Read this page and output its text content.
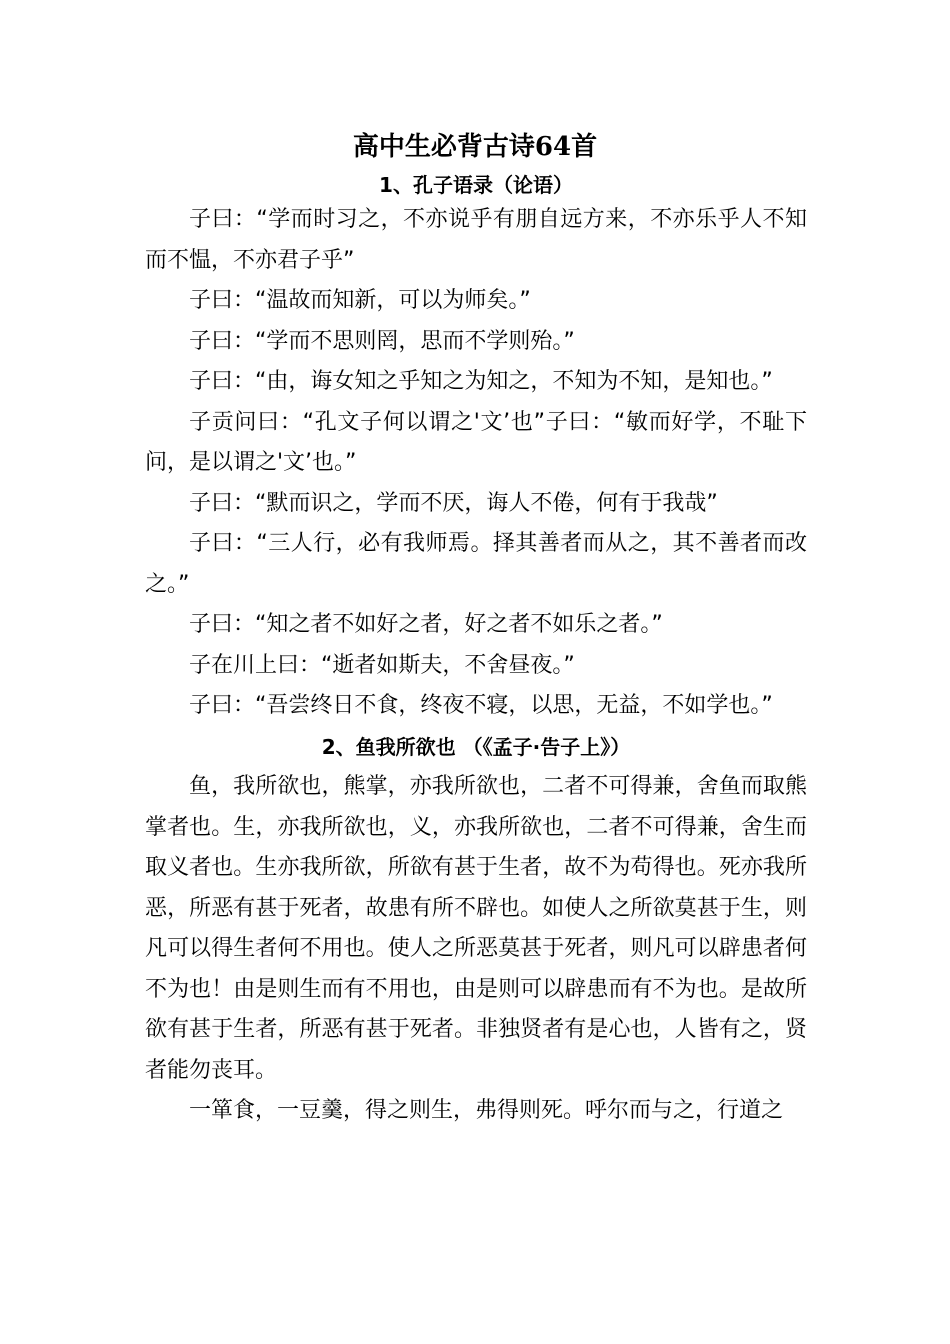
高中生必背古诗64首
1、孔子语录（论语）

子曰：“学而时习之，不亦说乎有朋自远方来，不亦乐乎人不知而不愠，不亦君子乎”

子曰：“温故而知新，可以为师矣。”

子曰：“学而不思则罔，思而不学则殆。”

子曰：“由，诲女知之乎知之为知之，不知为不知，是知也。”

子贡问曰：“孔文子何以谓之'文’也”子曰：“敏而好学，不耻下问，是以谓之'文’也。”

子曰：“默而识之，学而不厌，诲人不倦，何有于我哉”

子曰：“三人行，必有我师焉。择其善者而从之，其不善者而改之。”

子曰：“知之者不如好之者，好之者不如乐之者。”

子在川上曰：“逝者如斯夫，不舍昼夜。”

子曰：“吾尝终日不食，终夜不寝，以思，无益，不如学也。”

2、鱼我所欲也 （《孟子·告子上》）

鱼，我所欲也，熊掌，亦我所欲也，二者不可得兼，舍鱼而取熊掌者也。生，亦我所欲也，义，亦我所欲也，二者不可得兼，舍生而取义者也。生亦我所欲，所欲有甚于生者，故不为苟得也。死亦我所恶，所恶有甚于死者，故患有所不辟也。如使人之所欲莫甚于生，则凡可以得生者何不用也。使人之所恶莫甚于死者，则凡可以辟患者何不为也！由是则生而有不用也，由是则可以辟患而有不为也。是故所欲有甚于生者，所恶有甚于死者。非独贤者有是心也，人皆有之，贤者能勿丧耳。

一箪食，一豆羹，得之则生，弗得则死。呼尔而与之，行道之
